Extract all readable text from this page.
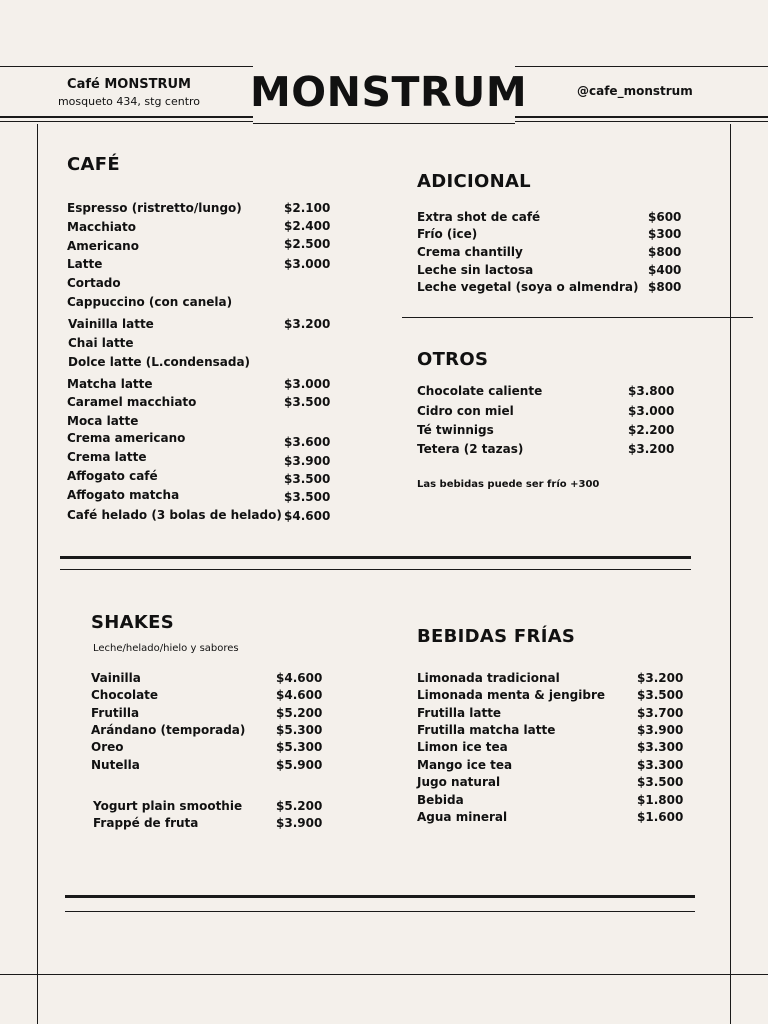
Café MONSTRUM
mosqueto 434, stg centro	MONSTRUM	@cafe_monstrum
CAFÉ
Espresso (ristretto/lungo)	$2.100
Macchiato	$2.400
Americano	$2.500
Latte	$3.000
Cortado
Cappuccino (con canela)
Vainilla latte	$3.200
Chai latte
Dolce latte (L.condensada)
Matcha latte	$3.000
Caramel macchiato	$3.500
Moca latte
Crema americano	$3.600
Crema latte	$3.900
Affogato café	$3.500
Affogato matcha	$3.500
Café helado (3 bolas de helado) $4.600
ADICIONAL
Extra shot de café	$600
Frío (ice)	$300
Crema chantilly	$800
Leche sin lactosa	$400
Leche vegetal (soya o almendra) $800
OTROS
Chocolate caliente	$3.800
Cidro con miel	$3.000
Té twinnigs	$2.200
Tetera (2 tazas)	$3.200
Las bebidas puede ser frío +300
SHAKES
Leche/helado/hielo y sabores
Vainilla	$4.600
Chocolate	$4.600
Frutilla	$5.200
Arándano (temporada)	$5.300
Oreo	$5.300
Nutella	$5.900
Yogurt plain smoothie	$5.200
Frappé de fruta	$3.900
BEBIDAS FRÍAS
Limonada tradicional	$3.200
Limonada menta & jengibre	$3.500
Frutilla latte	$3.700
Frutilla matcha latte	$3.900
Limon ice tea	$3.300
Mango ice tea	$3.300
Jugo natural	$3.500
Bebida	$1.800
Agua mineral	$1.600
